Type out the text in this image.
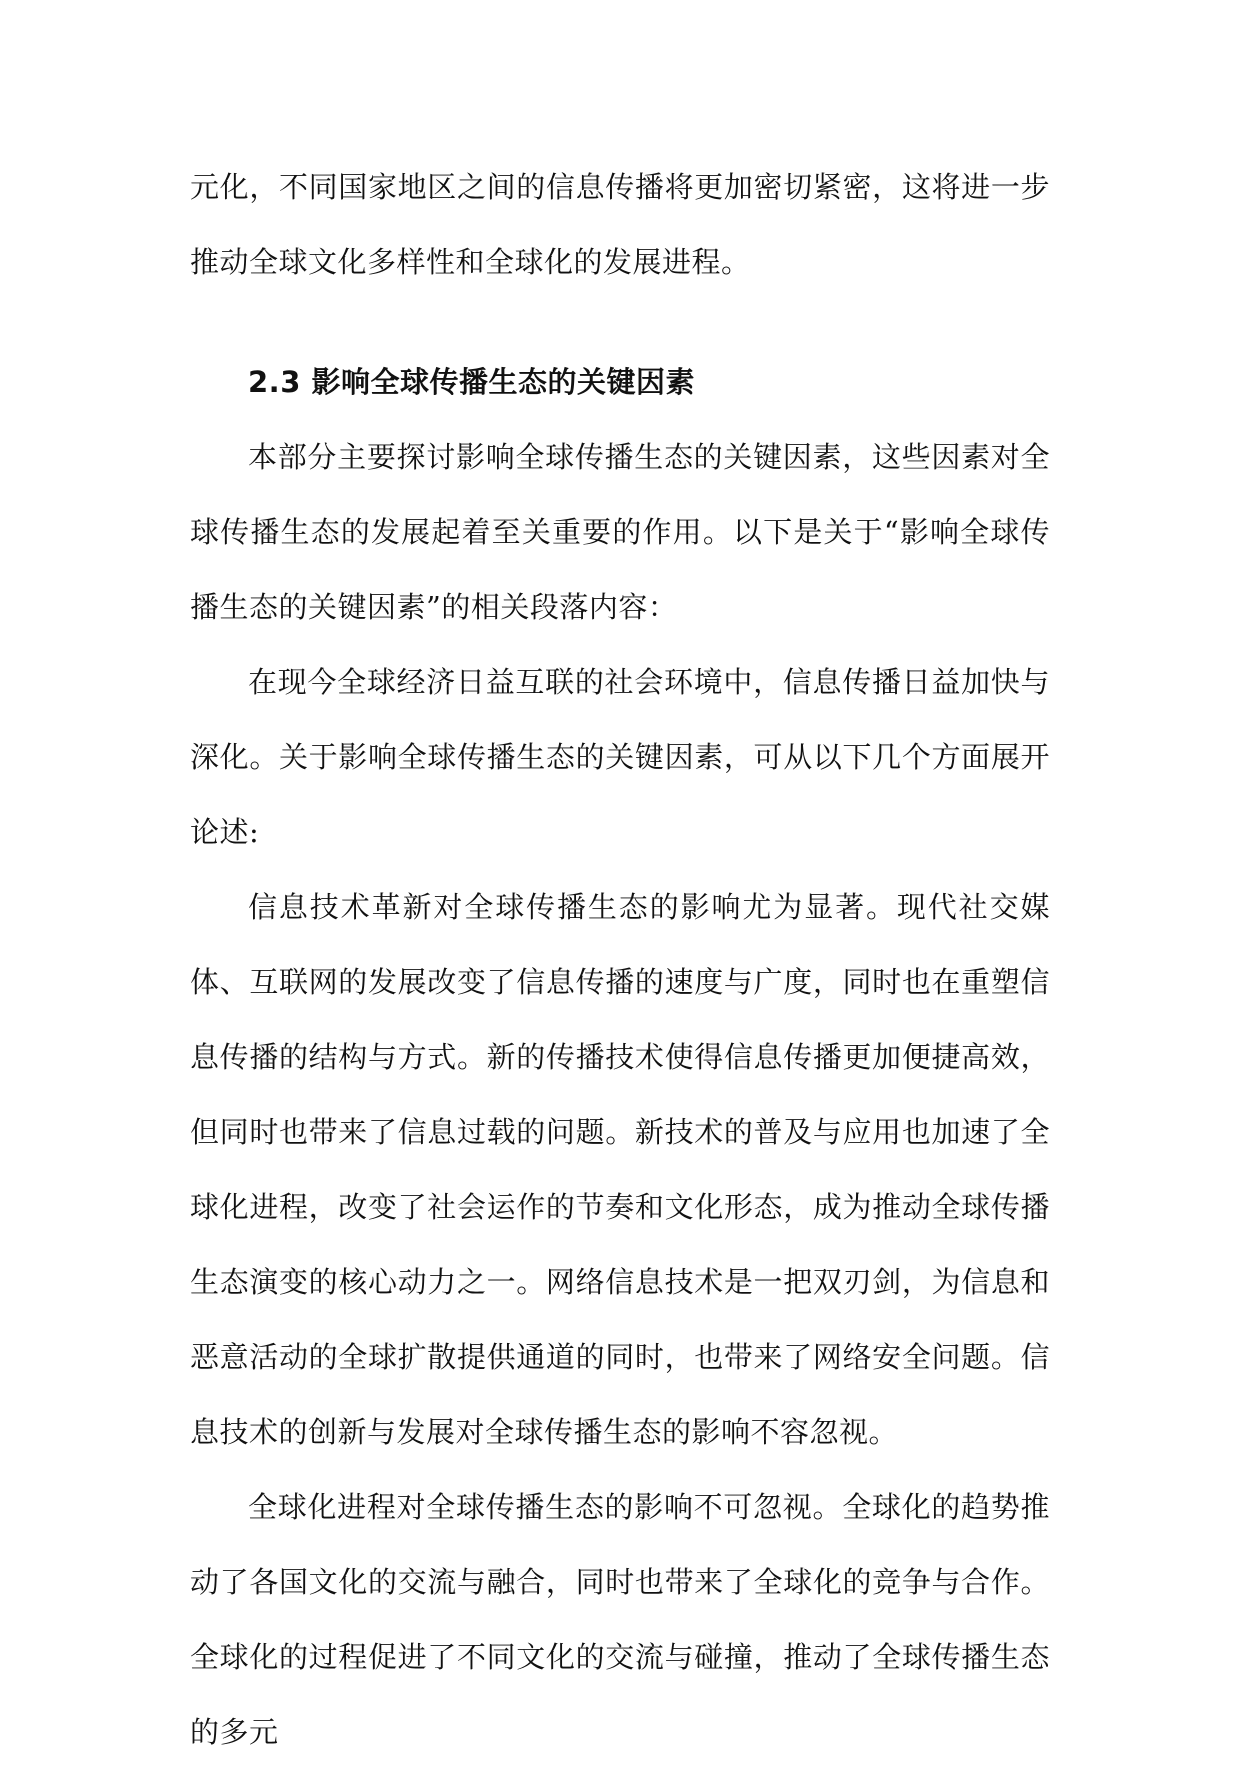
元化，不同国家地区之间的信息传播将更加密切紧密，这将进一步推动全球文化多样性和全球化的发展进程。

2.3 影响全球传播生态的关键因素

本部分主要探讨影响全球传播生态的关键因素，这些因素对全球传播生态的发展起着至关重要的作用。以下是关于“影响全球传播生态的关键因素”的相关段落内容：

在现今全球经济日益互联的社会环境中，信息传播日益加快与深化。关于影响全球传播生态的关键因素，可从以下几个方面展开论述:

信息技术革新对全球传播生态的影响尤为显著。现代社交媒体、互联网的发展改变了信息传播的速度与广度，同时也在重塑信息传播的结构与方式。新的传播技术使得信息传播更加便捷高效，但同时也带来了信息过载的问题。新技术的普及与应用也加速了全球化进程，改变了社会运作的节奏和文化形态，成为推动全球传播生态演变的核心动力之一。网络信息技术是一把双刃剑，为信息和恶意活动的全球扩散提供通道的同时，也带来了网络安全问题。信息技术的创新与发展对全球传播生态的影响不容忽视。

全球化进程对全球传播生态的影响不可忽视。全球化的趋势推动了各国文化的交流与融合，同时也带来了全球化的竞争与合作。全球化的过程促进了不同文化的交流与碰撞，推动了全球传播生态的多元
